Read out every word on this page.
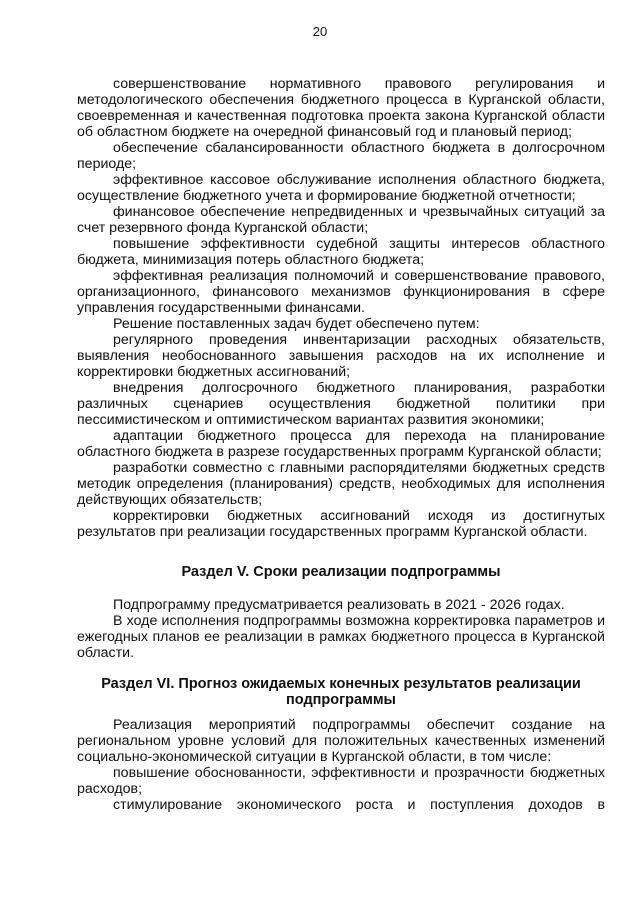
20
совершенствование нормативного правового регулирования и
методологического обеспечения бюджетного процесса в Курганской области,
своевременная и качественная подготовка проекта закона Курганской области
об областном бюджете на очередной финансовый год и плановый период;
обеспечение сбалансированности областного бюджета в долгосрочном
периоде;
эффективное кассовое обслуживание исполнения областного бюджета,
осуществление бюджетного учета и формирование бюджетной отчетности;
финансовое обеспечение непредвиденных и чрезвычайных ситуаций за
счет резервного фонда Курганской области;
повышение эффективности судебной защиты интересов областного
бюджета, минимизация потерь областного бюджета;
эффективная реализация полномочий и совершенствование правового,
организационного, финансового механизмов функционирования в сфере
управления государственными финансами.
Решение поставленных задач будет обеспечено путем:
регулярного проведения инвентаризации расходных обязательств,
выявления необоснованного завышения расходов на их исполнение и
корректировки бюджетных ассигнований;
внедрения долгосрочного бюджетного планирования, разработки
различных сценариев осуществления бюджетной политики при
пессимистическом и оптимистическом вариантах развития экономики;
адаптации бюджетного процесса для перехода на планирование
областного бюджета в разрезе государственных программ Курганской области;
разработки совместно с главными распорядителями бюджетных средств
методик определения (планирования) средств, необходимых для исполнения
действующих обязательств;
корректировки бюджетных ассигнований исходя из достигнутых
результатов при реализации государственных программ Курганской области.
Раздел V. Сроки реализации подпрограммы
Подпрограмму предусматривается реализовать в 2021 - 2026 годах.
В ходе исполнения подпрограммы возможна корректировка параметров и
ежегодных планов ее реализации в рамках бюджетного процесса в Курганской
области.
Раздел VI. Прогноз ожидаемых конечных результатов реализации
подпрограммы
Реализация мероприятий подпрограммы обеспечит создание на
региональном уровне условий для положительных качественных изменений
социально-экономической ситуации в Курганской области, в том числе:
повышение обоснованности, эффективности и прозрачности бюджетных
расходов;
стимулирование экономического роста и поступления доходов в
